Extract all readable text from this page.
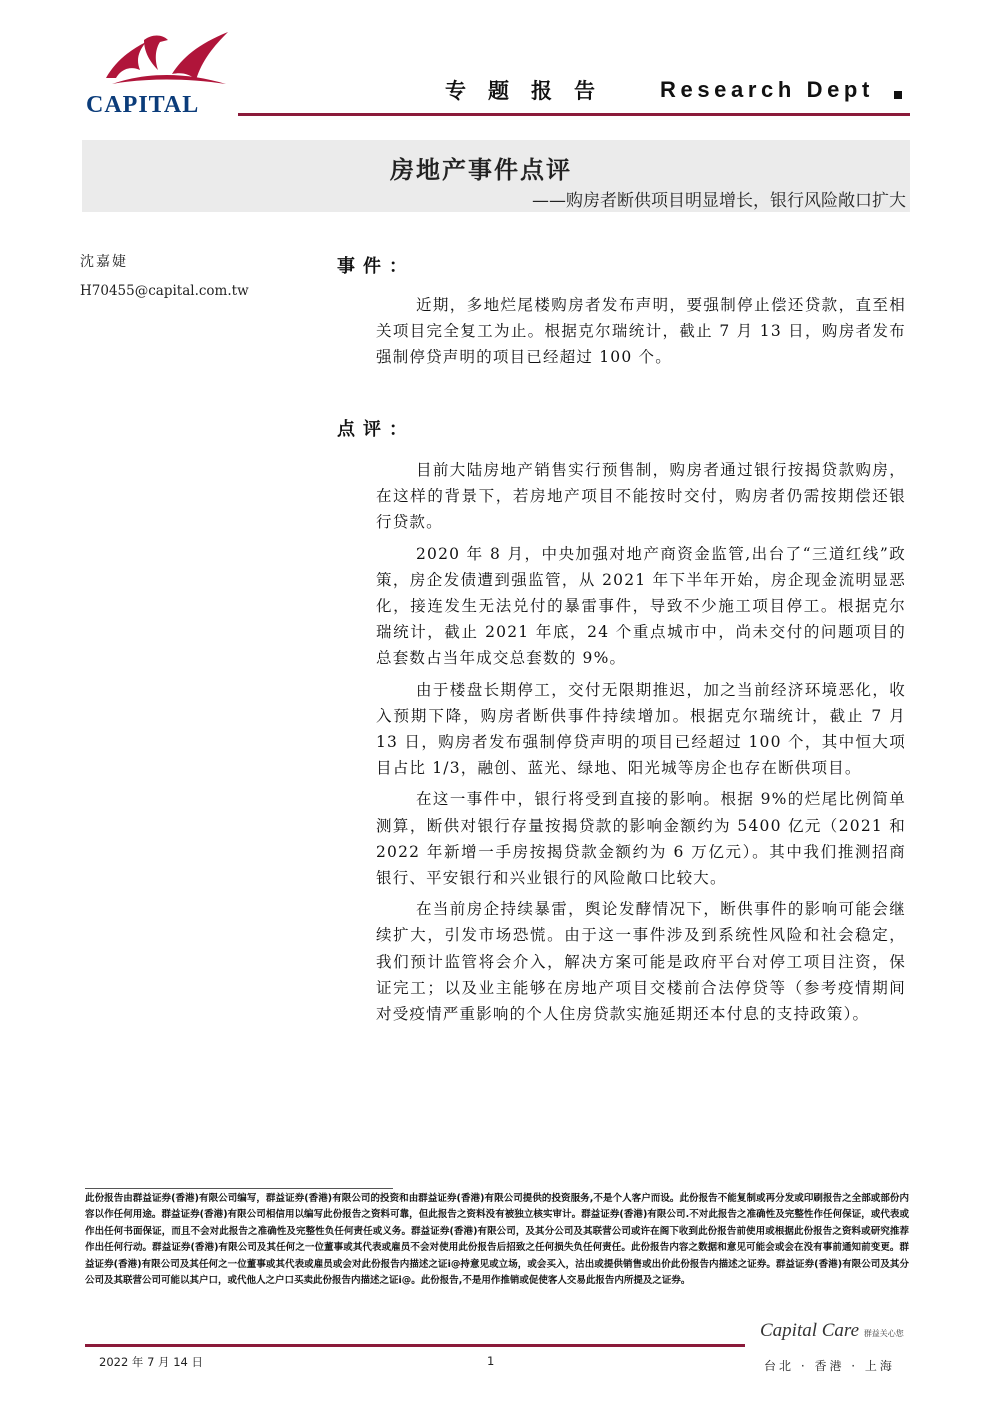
CAPITAL
专题报告 Research Dept
房地产事件点评
——购房者断供项目明显增长，银行风险敞口扩大
沈嘉婕
H70455@capital.com.tw
事件：

近期，多地烂尾楼购房者发布声明，要强制停止偿还贷款，直至相关项目完全复工为止。根据克尔瑞统计，截止 7 月 13 日，购房者发布强制停贷声明的项目已经超过 100 个。

点评：

目前大陆房地产销售实行预售制，购房者通过银行按揭贷款购房，在这样的背景下，若房地产项目不能按时交付，购房者仍需按期偿还银行贷款。

2020 年 8 月，中央加强对地产商资金监管,出台了“三道红线”政策，房企发债遭到强监管，从 2021 年下半年开始，房企现金流明显恶化，接连发生无法兑付的暴雷事件，导致不少施工项目停工。根据克尔瑞统计，截止 2021 年底，24 个重点城市中，尚未交付的问题项目的总套数占当年成交总套数的 9%。

由于楼盘长期停工，交付无限期推迟，加之当前经济环境恶化，收入预期下降，购房者断供事件持续增加。根据克尔瑞统计，截止 7 月 13 日，购房者发布强制停贷声明的项目已经超过 100 个，其中恒大项目占比 1/3，融创、蓝光、绿地、阳光城等房企也存在断供项目。

在这一事件中，银行将受到直接的影响。根据 9%的烂尾比例简单测算，断供对银行存量按揭贷款的影响金额约为 5400 亿元（2021 和 2022 年新增一手房按揭贷款金额约为 6 万亿元）。其中我们推测招商银行、平安银行和兴业银行的风险敞口比较大。

在当前房企持续暴雷，舆论发酵情况下，断供事件的影响可能会继续扩大，引发市场恐慌。由于这一事件涉及到系统性风险和社会稳定，我们预计监管将会介入，解决方案可能是政府平台对停工项目注资，保证完工；以及业主能够在房地产项目交楼前合法停贷等（参考疫情期间对受疫情严重影响的个人住房贷款实施延期还本付息的支持政策）。

此份报告由群益证券(香港)有限公司编写，群益证券(香港)有限公司的投资和由群益证券(香港)有限公司提供的投资服务,不是个人客户而设。此份报告不能复制或再分发或印刷报告之全部或部份内容以作任何用途。群益证券(香港)有限公司相信用以编写此份报告之资料可靠，但此报告之资料没有被独立核实审计。群益证券(香港)有限公司.不对此报告之准确性及完整性作任何保证，或代表或作出任何书面保证，而且不会对此报告之准确性及完整性负任何责任或义务。群益证券(香港)有限公司，及其分公司及其联营公司或许在阁下收到此份报告前使用或根据此份报告之资料或研究推荐作出任何行动。群益证券(香港)有限公司及其任何之一位董事或其代表或雇员不会对使用此份报告后招致之任何损失负任何责任。此份报告内容之数据和意见可能会或会在没有事前通知前变更。群益证券(香港)有限公司及其任何之一位董事或其代表或雇员或会对此份报告内描述之证i@持意见或立场，或会买入，沽出或提供销售或出价此份报告内描述之证券。群益证券(香港)有限公司及其分公司及其联营公司可能以其户口，或代他人之户口买卖此份报告内描述之证i@。此份报告,不是用作推销或促使客人交易此报告内所提及之证券。
Capital Care 群益关心您
2022 年 7 月 14 日	1	台北 · 香港 · 上海
